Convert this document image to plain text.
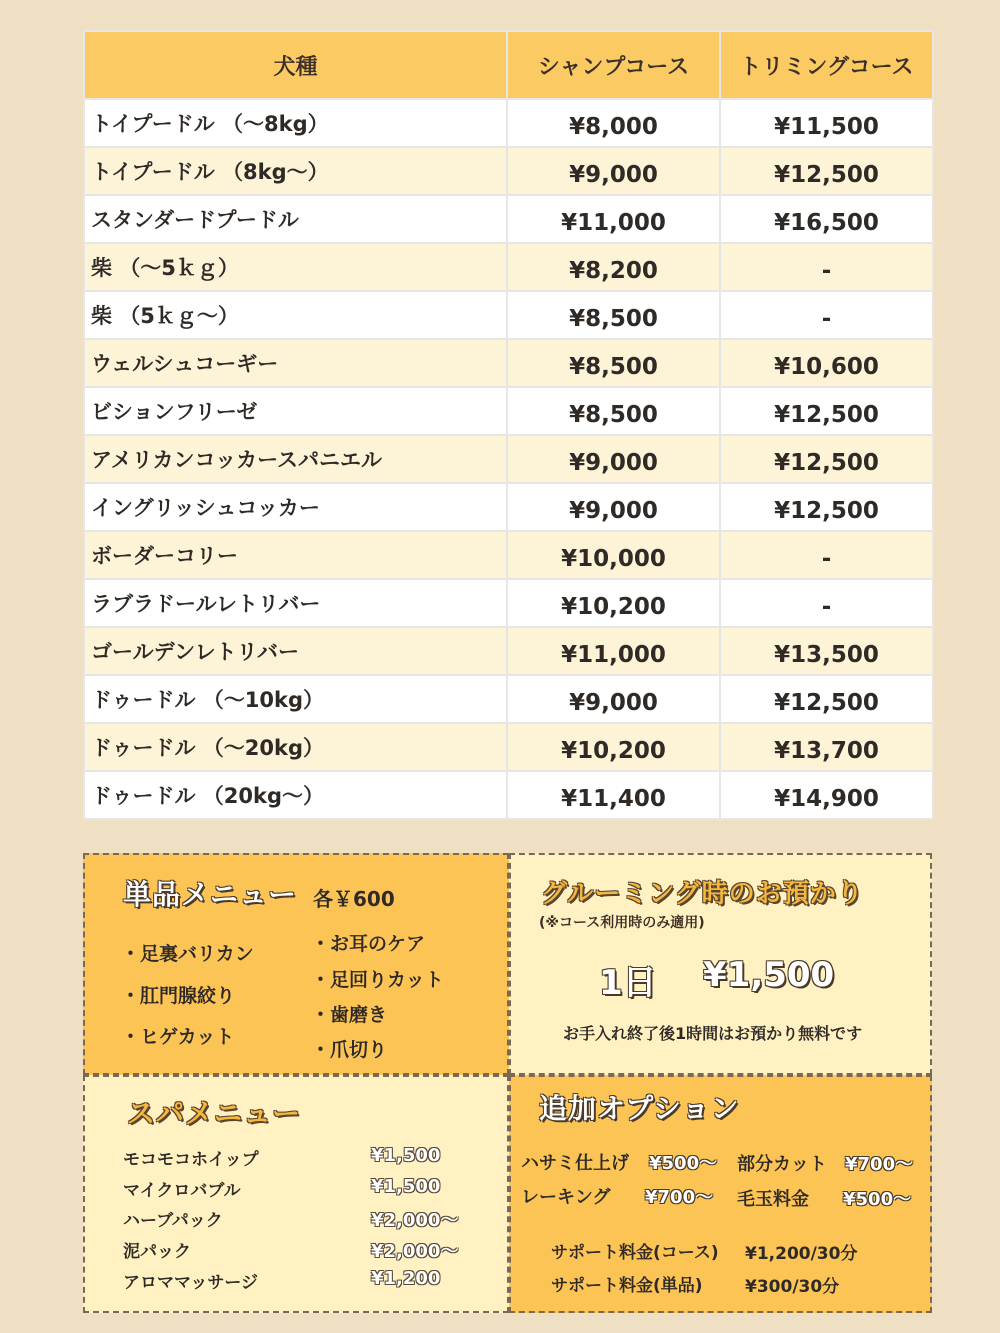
犬種	シャンプコース	トリミングコース
トイプードル （～8kg）	¥8,000	¥11,500
トイプードル （8kg～）	¥9,000	¥12,500
スタンダードプードル	¥11,000	¥16,500
柴 （～5ｋｇ）	¥8,200	-
柴 （5ｋｇ～）	¥8,500	-
ウェルシュコーギー	¥8,500	¥10,600
ビションフリーゼ	¥8,500	¥12,500
アメリカンコッカースパニエル	¥9,000	¥12,500
イングリッシュコッカー	¥9,000	¥12,500
ボーダーコリー	¥10,000	-
ラブラドールレトリバー	¥10,200	-
ゴールデンレトリバー	¥11,000	¥13,500
ドゥードル （～10kg）	¥9,000	¥12,500
ドゥードル （～20kg）	¥10,200	¥13,700
ドゥードル （20kg～）	¥11,400	¥14,900
単品メニュー 各￥600
・足裏バリカン
・肛門腺絞り
・ヒゲカット
・お耳のケア
・足回りカット
・歯磨き
・爪切り
グルーミング時のお預かり
(※コース利用時のみ適用)
1日 ¥1,500
お手入れ終了後1時間はお預かり無料です
スパメニュー
モコモコホイップ	¥1,500
マイクロバブル	¥1,500
ハーブパック	¥2,000～
泥パック	¥2,000～
アロママッサージ	¥1,200
追加オプション
ハサミ仕上げ ¥500～ 部分カット ¥700～
レーキング ¥700～ 毛玉料金 ¥500～
サポート料金(コース) ¥1,200/30分
サポート料金(単品) ¥300/30分
